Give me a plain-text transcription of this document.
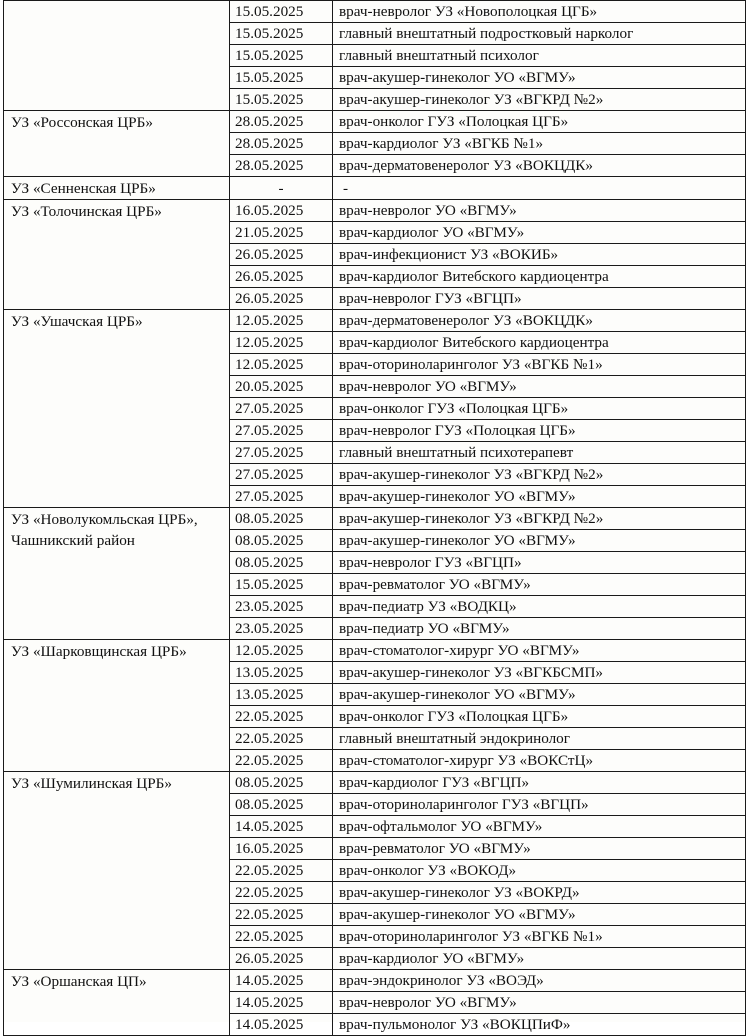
	15.05.2025	врач-невролог УЗ «Новополоцкая ЦГБ»
	15.05.2025	главный внештатный подростковый нарколог
	15.05.2025	главный внештатный психолог
	15.05.2025	врач-акушер-гинеколог УО «ВГМУ»
	15.05.2025	врач-акушер-гинеколог УЗ «ВГКРД №2»
УЗ «Россонская ЦРБ»	28.05.2025	врач-онколог ГУЗ «Полоцкая ЦГБ»
	28.05.2025	врач-кардиолог УЗ «ВГКБ №1»
	28.05.2025	врач-дерматовенеролог УЗ «ВОКЦДК»
УЗ «Сенненская ЦРБ»	-	-
УЗ «Толочинская ЦРБ»	16.05.2025	врач-невролог УО «ВГМУ»
	21.05.2025	врач-кардиолог УО «ВГМУ»
	26.05.2025	врач-инфекционист УЗ «ВОКИБ»
	26.05.2025	врач-кардиолог Витебского кардиоцентра
	26.05.2025	врач-невролог ГУЗ «ВГЦП»
УЗ «Ушачская ЦРБ»	12.05.2025	врач-дерматовенеролог УЗ «ВОКЦДК»
	12.05.2025	врач-кардиолог Витебского кардиоцентра
	12.05.2025	врач-оториноларинголог УЗ «ВГКБ №1»
	20.05.2025	врач-невролог УО «ВГМУ»
	27.05.2025	врач-онколог ГУЗ «Полоцкая ЦГБ»
	27.05.2025	врач-невролог ГУЗ «Полоцкая ЦГБ»
	27.05.2025	главный внештатный психотерапевт
	27.05.2025	врач-акушер-гинеколог УЗ «ВГКРД №2»
	27.05.2025	врач-акушер-гинеколог УО «ВГМУ»
УЗ «Новолукомльская ЦРБ», Чашникский район	08.05.2025	врач-акушер-гинеколог УЗ «ВГКРД №2»
	08.05.2025	врач-акушер-гинеколог УО «ВГМУ»
	08.05.2025	врач-невролог ГУЗ «ВГЦП»
	15.05.2025	врач-ревматолог УО «ВГМУ»
	23.05.2025	врач-педиатр УЗ «ВОДКЦ»
	23.05.2025	врач-педиатр УО «ВГМУ»
УЗ «Шарковщинская ЦРБ»	12.05.2025	врач-стоматолог-хирург УО «ВГМУ»
	13.05.2025	врач-акушер-гинеколог УЗ «ВГКБСМП»
	13.05.2025	врач-акушер-гинеколог УО «ВГМУ»
	22.05.2025	врач-онколог ГУЗ «Полоцкая ЦГБ»
	22.05.2025	главный внештатный эндокринолог
	22.05.2025	врач-стоматолог-хирург УЗ «ВОКСтЦ»
УЗ «Шумилинская ЦРБ»	08.05.2025	врач-кардиолог ГУЗ «ВГЦП»
	08.05.2025	врач-оториноларинголог ГУЗ «ВГЦП»
	14.05.2025	врач-офтальмолог УО «ВГМУ»
	16.05.2025	врач-ревматолог УО «ВГМУ»
	22.05.2025	врач-онколог УЗ «ВОКОД»
	22.05.2025	врач-акушер-гинеколог УЗ «ВОКРД»
	22.05.2025	врач-акушер-гинеколог УО «ВГМУ»
	22.05.2025	врач-оториноларинголог УЗ «ВГКБ №1»
	26.05.2025	врач-кардиолог УО «ВГМУ»
УЗ «Оршанская ЦП»	14.05.2025	врач-эндокринолог УЗ «ВОЭД»
	14.05.2025	врач-невролог УО «ВГМУ»
	14.05.2025	врач-пульмонолог УЗ «ВОКЦПиФ»
